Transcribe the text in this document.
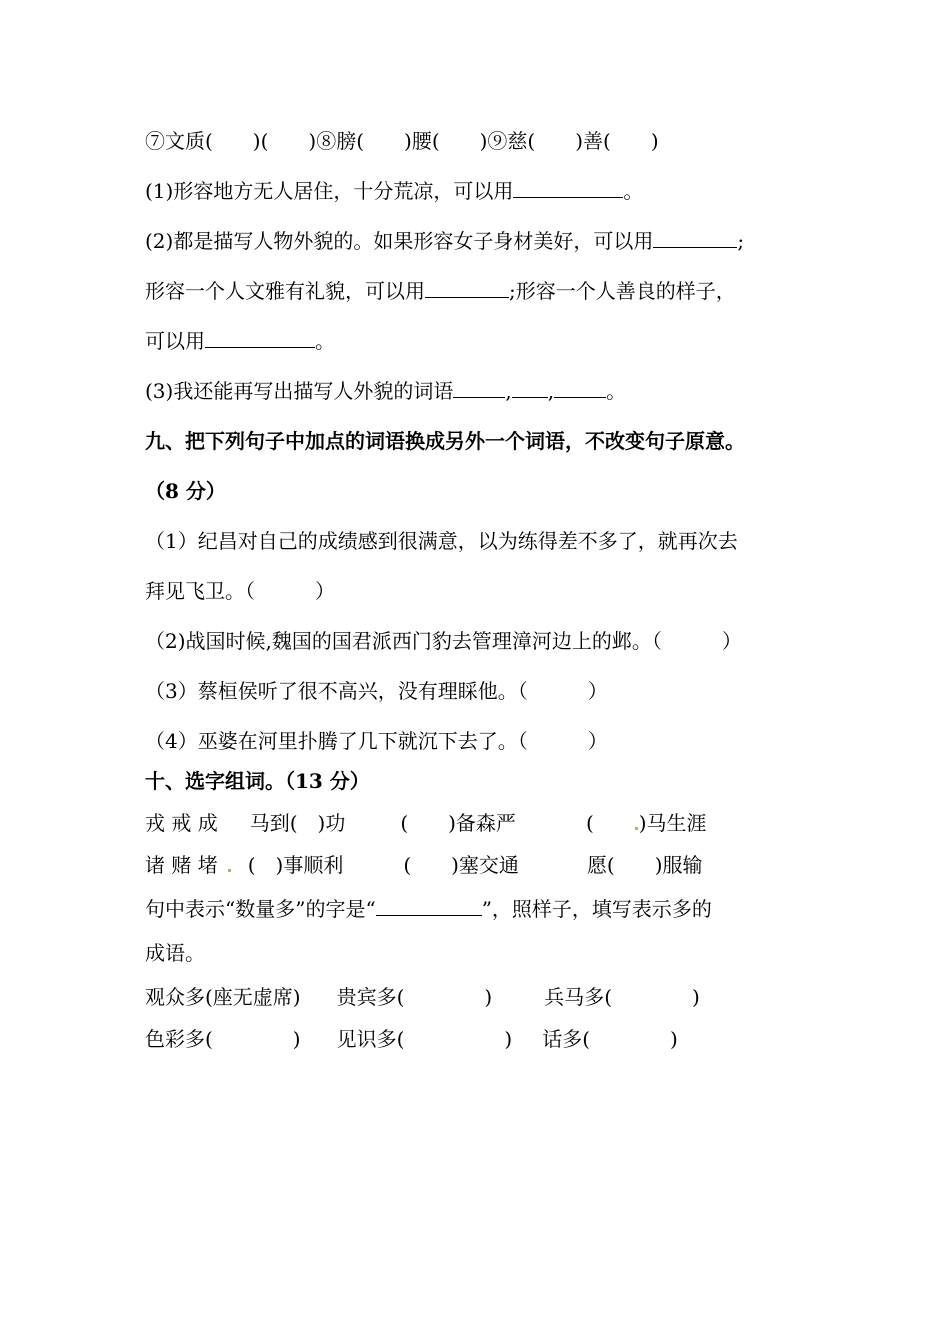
⑦文质(　　)(　　)⑧膀(　　)腰(　　)⑨慈(　　)善(　　)
(1)形容地方无人居住，十分荒凉，可以用	。
(2)都是描写人物外貌的。如果形容女子身材美好，可以用	;
形容一个人文雅有礼貌，可以用	;形容一个人善良的样子，
可以用	。
(3)我还能再写出描写人外貌的词语	, ,	。
九、把下列句子中加点的词语换成另外一个词语，不改变句子原意。
（8 分）
（1）纪昌对自己的成绩感到很满意，以为练得差不多了，就再次去
拜见飞卫。（　　　）
（2)战国时候,魏国的国君派西门豹去管理漳河边上的邺。（　　　）
（3）蔡桓侯听了很不高兴，没有理睬他。（　　　）
（4）巫婆在河里扑腾了几下就沉下去了。（　　　）
十、选字组词。（13 分）
戎 戒 成 马到(　)功	(　　)备森严	(　　)马生涯
诸 赌 堵 (　)事顺利	(　　)塞交通	愿(　　)服输
句中表示“数量多”的字是“	”，照样子，填写表示多的
成语。
观众多(座无虚席) 贵宾多(　　　　)	兵马多(　　　　)
色彩多(　　　　) 见识多(　　　　　) 话多(　　　　)
